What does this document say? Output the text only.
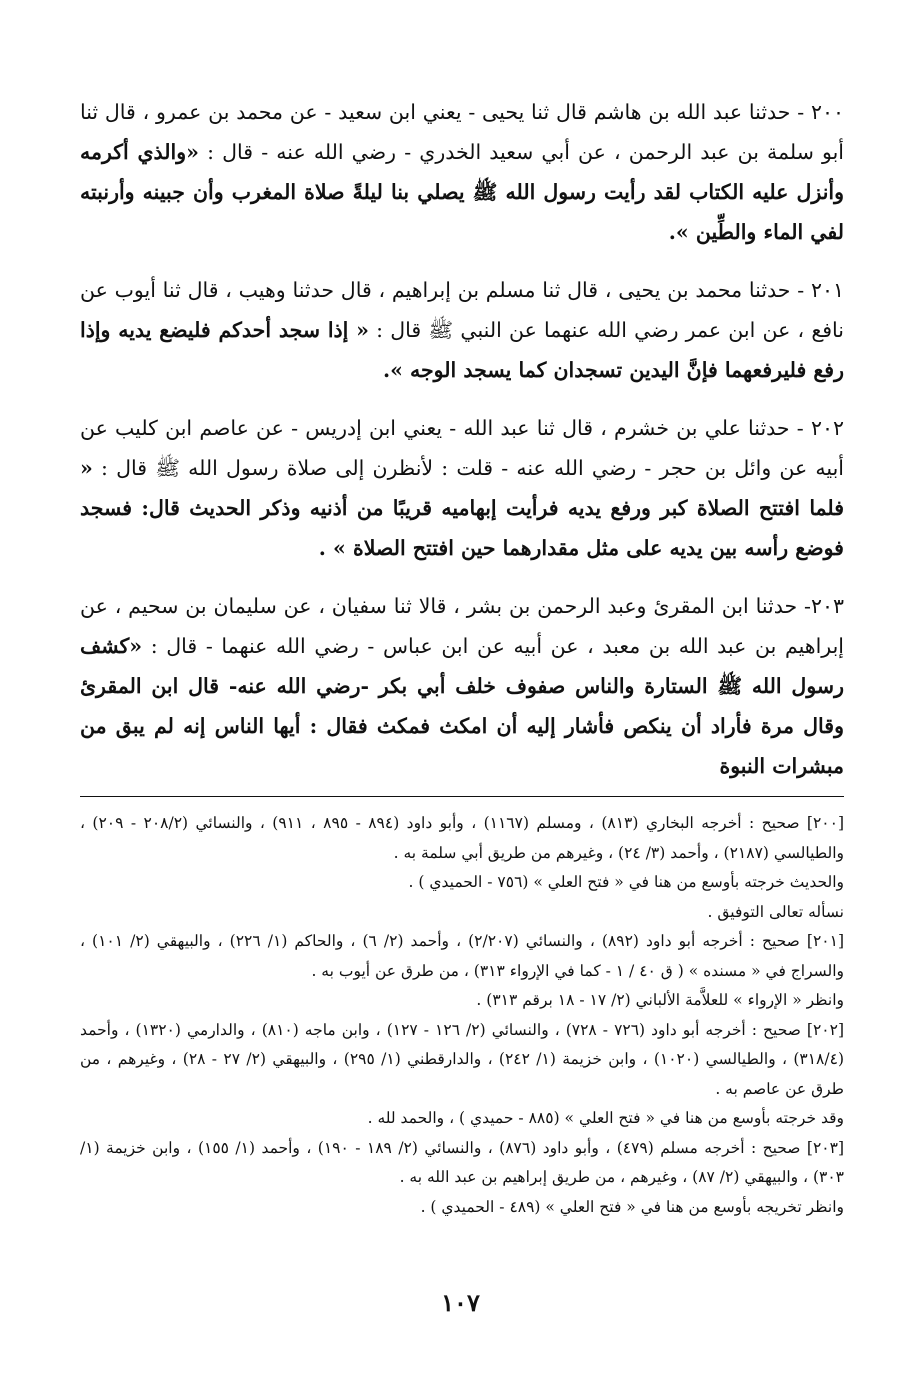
٢٠٠ - حدثنا عبد الله بن هاشم قال ثنا يحيى - يعني ابن سعيد - عن محمد بن عمرو ، قال ثنا أبو سلمة بن عبد الرحمن ، عن أبي سعيد الخدري - رضي الله عنه - قال : «والذي أكرمه وأنزل عليه الكتاب لقد رأيت رسول الله ﷺ يصلي بنا ليلةً صلاة المغرب وأن جبينه وأرنبته لفي الماء والطِّين ».

٢٠١ - حدثنا محمد بن يحيى ، قال ثنا مسلم بن إبراهيم ، قال حدثنا وهيب ، قال ثنا أيوب عن نافع ، عن ابن عمر رضي الله عنهما عن النبي ﷺ قال : « إذا سجد أحدكم فليضع يديه وإذا رفع فليرفعهما فإنَّ اليدين تسجدان كما يسجد الوجه ».

٢٠٢ - حدثنا علي بن خشرم ، قال ثنا عبد الله - يعني ابن إدريس - عن عاصم ابن كليب عن أبيه عن وائل بن حجر - رضي الله عنه - قلت : لأنظرن إلى صلاة رسول الله ﷺ قال : « فلما افتتح الصلاة كبر ورفع يديه فرأيت إبهاميه قريبًا من أذنيه وذكر الحديث قال: فسجد فوضع رأسه بين يديه على مثل مقدارهما حين افتتح الصلاة » .

٢٠٣- حدثنا ابن المقرئ وعبد الرحمن بن بشر ، قالا ثنا سفيان ، عن سليمان بن سحيم ، عن إبراهيم بن عبد الله بن معبد ، عن أبيه عن ابن عباس - رضي الله عنهما - قال : «كشف رسول الله ﷺ الستارة والناس صفوف خلف أبي بكر -رضي الله عنه- قال ابن المقرئ وقال مرة فأراد أن ينكص فأشار إليه أن امكث فمكث فقال : أيها الناس إنه لم يبق من مبشرات النبوة

[٢٠٠] صحيح : أخرجه البخاري (٨١٣) ، ومسلم (١١٦٧) ، وأبو داود (٨٩٤ - ٨٩٥ ، ٩١١) ، والنسائي (٢٠٨/٢ - ٢٠٩) ، والطيالسي (٢١٨٧) ، وأحمد (٣/ ٢٤) ، وغيرهم من طريق أبي سلمة به .

والحديث خرجته بأوسع من هنا في « فتح العلي » (٧٥٦ - الحميدي ) .

نسأله تعالى التوفيق .

[٢٠١] صحيح : أخرجه أبو داود (٨٩٢) ، والنسائي (٢/٢٠٧) ، وأحمد (٢/ ٦) ، والحاكم (١/ ٢٢٦) ، والبيهقي (٢/ ١٠١) ، والسراج في « مسنده » ( ق ٤٠ / ١ - كما في الإرواء ٣١٣) ، من طرق عن أيوب به .

وانظر « الإرواء » للعلاَّمة الألباني (٢/ ١٧ - ١٨ برقم ٣١٣) .

[٢٠٢] صحيح : أخرجه أبو داود (٧٢٦ - ٧٢٨) ، والنسائي (٢/ ١٢٦ - ١٢٧) ، وابن ماجه (٨١٠) ، والدارمي (١٣٢٠) ، وأحمد (٣١٨/٤) ، والطيالسي (١٠٢٠) ، وابن خزيمة (١/ ٢٤٢) ، والدارقطني (١/ ٢٩٥) ، والبيهقي (٢/ ٢٧ - ٢٨) ، وغيرهم ، من طرق عن عاصم به .

وقد خرجته بأوسع من هنا في « فتح العلي » (٨٨٥ - حميدي ) ، والحمد لله .

[٢٠٣] صحيح : أخرجه مسلم (٤٧٩) ، وأبو داود (٨٧٦) ، والنسائي (٢/ ١٨٩ - ١٩٠) ، وأحمد (١/ ١٥٥) ، وابن خزيمة (١/ ٣٠٣) ، والبيهقي (٢/ ٨٧) ، وغيرهم ، من طريق إبراهيم بن عبد الله به .

وانظر تخريجه بأوسع من هنا في « فتح العلي » (٤٨٩ - الحميدي ) .

١٠٧
